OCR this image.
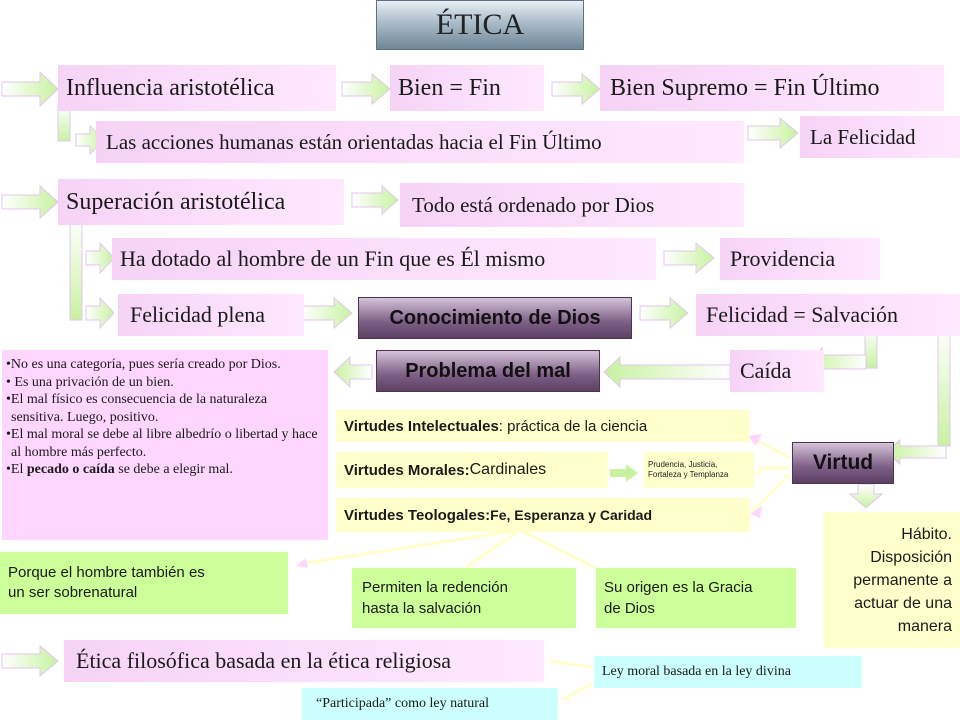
ÉTICA
Influencia aristotélica	Bien = Fin	Bien Supremo = Fin Último
Las acciones humanas están orientadas hacia el Fin Último	La Felicidad
Superación aristotélica	Todo está ordenado por Dios
Ha dotado al hombre de un Fin que es Él mismo	Providencia
Felicidad plena	Conocimiento de Dios	Felicidad = Salvación
Problema del mal	Caída
•No es una categoría, pues sería creado por Dios.
• Es una privación de un bien.
•El mal físico es consecuencia de la naturaleza sensitiva. Luego, positivo.
•El mal moral se debe al libre albedrío o libertad y hace al hombre más perfecto.
•El pecado o caída se debe a elegir mal.
Virtudes Intelectuales : práctica de la ciencia
Virtudes Morales: Cardinales	Prudencia, Justicia,
Fortaleza y Templanza
Virtudes Teologales: Fe, Esperanza y Caridad
Virtud
Hábito.
Disposición
permanente a
actuar de una
manera
Porque el hombre también es
un ser sobrenatural	Permiten la redención
hasta la salvación
Su origen es la Gracia
de Dios
Ética filosófica basada en la ética religiosa	Ley moral basada en la ley divina
“Participada” como ley natural
